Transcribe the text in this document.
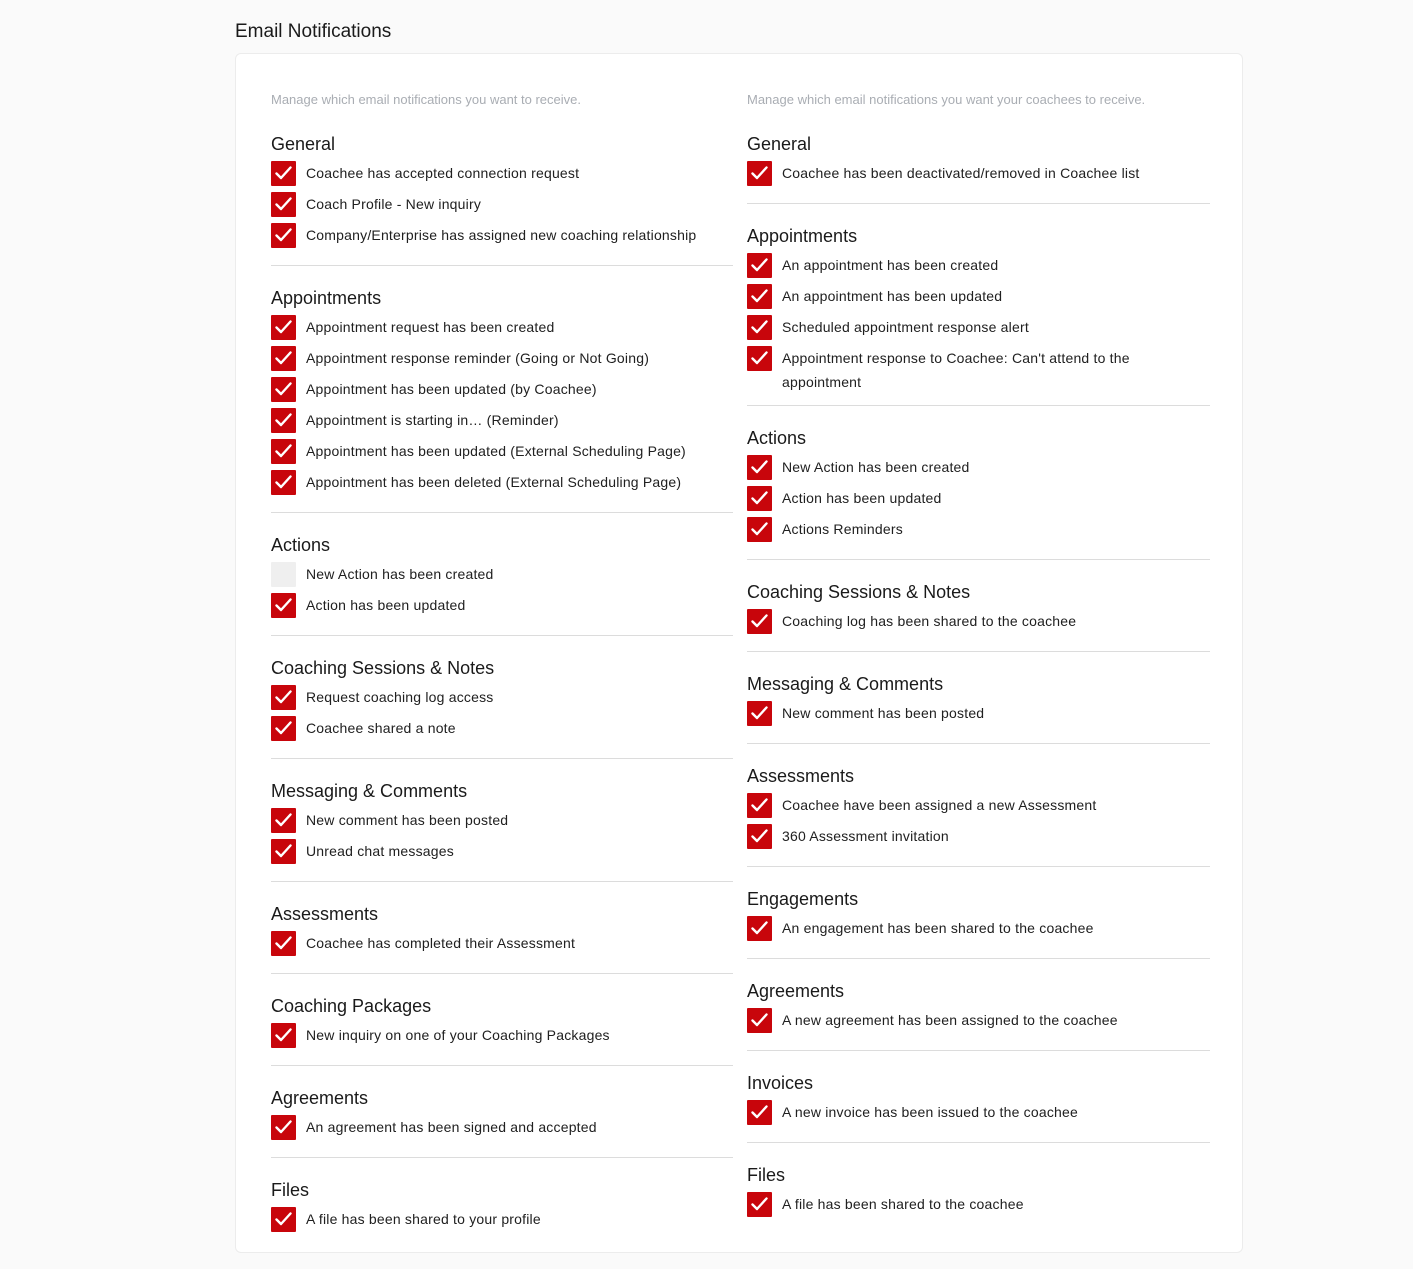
Email Notifications

Manage which email notifications you want to receive.

General
Coachee has accepted connection request
Coach Profile - New inquiry
Company/Enterprise has assigned new coaching relationship
Appointments
Appointment request has been created
Appointment response reminder (Going or Not Going)
Appointment has been updated (by Coachee)
Appointment is starting in… (Reminder)
Appointment has been updated (External Scheduling Page)
Appointment has been deleted (External Scheduling Page)
Actions
New Action has been created
Action has been updated
Coaching Sessions & Notes
Request coaching log access
Coachee shared a note
Messaging & Comments
New comment has been posted
Unread chat messages
Assessments
Coachee has completed their Assessment
Coaching Packages
New inquiry on one of your Coaching Packages
Agreements
An agreement has been signed and accepted
Files
A file has been shared to your profile

Manage which email notifications you want your coachees to receive.

General
Coachee has been deactivated/removed in Coachee list
Appointments
An appointment has been created
An appointment has been updated
Scheduled appointment response alert
Appointment response to Coachee: Can't attend to the appointment
Actions
New Action has been created
Action has been updated
Actions Reminders
Coaching Sessions & Notes
Coaching log has been shared to the coachee
Messaging & Comments
New comment has been posted
Assessments
Coachee have been assigned a new Assessment
360 Assessment invitation
Engagements
An engagement has been shared to the coachee
Agreements
A new agreement has been assigned to the coachee
Invoices
A new invoice has been issued to the coachee
Files
A file has been shared to the coachee
